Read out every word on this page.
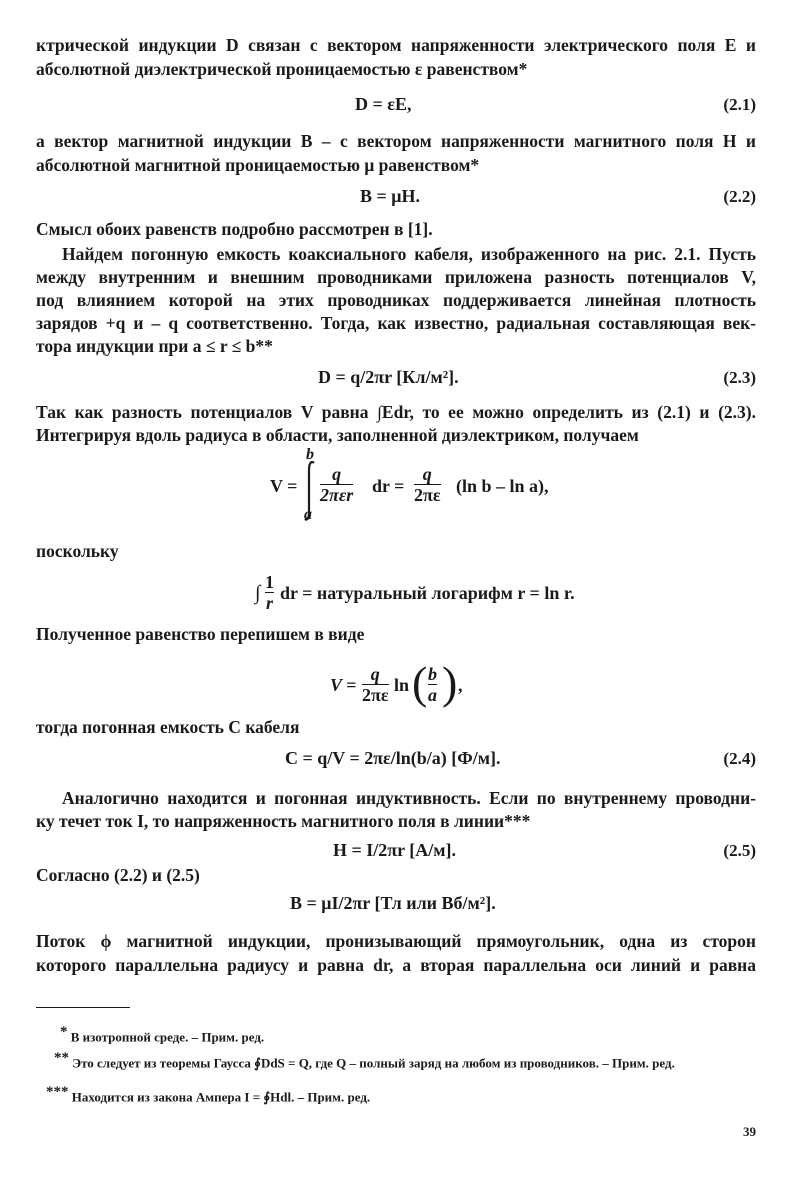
ктрической индукции D связан с вектором напряженности электрического поля E и
абсолютной диэлектрической проницаемостью ε равенством*
D = εE,	(2.1)
а вектор магнитной индукции B – с вектором напряженности магнитного поля H и
абсолютной магнитной проницаемостью μ равенством*
B = μH.	(2.2)
Смысл обоих равенств подробно рассмотрен в [1].
Найдем погонную емкость коаксиального кабеля, изображенного на рис. 2.1. Пусть
между внутренним и внешним проводниками приложена разность потенциалов V,
под влиянием которой на этих проводниках поддерживается линейная плотность
зарядов +q и – q соответственно. Тогда, как известно, радиальная составляющая век-
тора индукции при a ≤ r ≤ b**
D = q/2πr [Кл/м²].	(2.3)
Так как разность потенциалов V равна ∫Edr, то ее можно определить из (2.1) и (2.3).
Интегрируя вдоль радиуса в области, заполненной диэлектриком, получаем
V =
b
a
q
2πεr dr = $\frac{q}{2\pi\varepsilon} (\ln$ b – ln a),
поскольку
∫ $\frac{1}{r}$ dr = натуральный логарифм r = ln r.
Полученное равенство перепишем в виде
$V = \frac{q}{2\pi\varepsilon}$ ln ( $\frac{b}{a}$ ) ,
тогда погонная емкость C кабеля
C = q/V = 2πε/ln(b/a) [Ф/м].	(2.4)
Аналогично находится и погонная индуктивность. Если по внутреннему проводни-
ку течет ток I, то напряженность магнитного поля в линии***
H = I/2πr [А/м].	(2.5)
Согласно (2.2) и (2.5)
B = μI/2πr [Тл или Вб/м²].
Поток ϕ магнитной индукции, пронизывающий прямоугольник, одна из сторон
которого параллельна радиусу и равна dr, а вторая параллельна оси линий и равна
* В изотропной среде. – Прим. ред.
** Это следует из теоремы Гаусса ∮DdS = Q, где Q – полный заряд на любом из проводников. – Прим. ред.
*** Находится из закона Ампера I = ∮Hdl. – Прим. ред.
39
